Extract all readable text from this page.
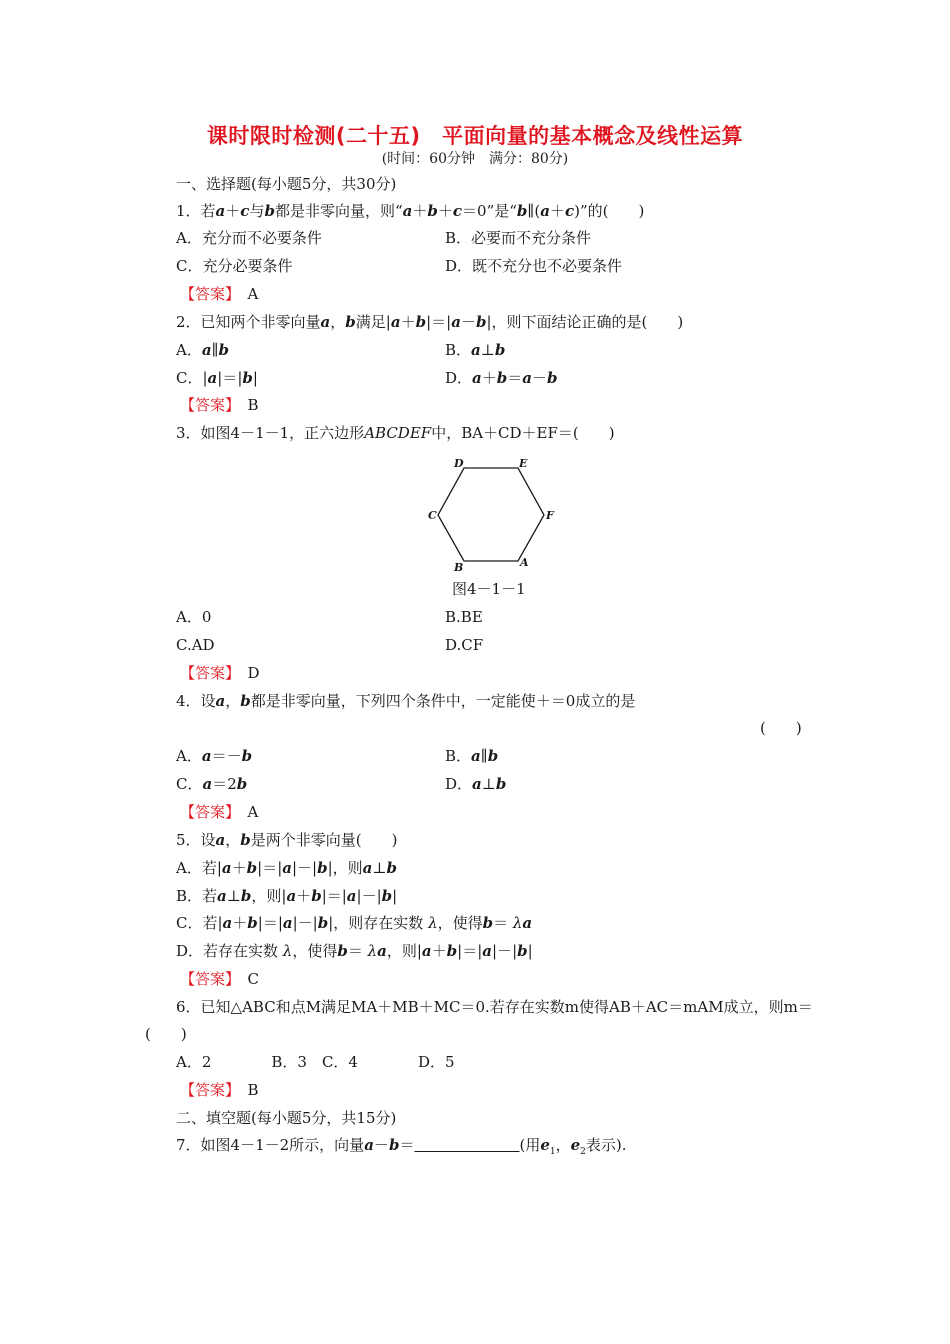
课时限时检测(二十五)　平面向量的基本概念及线性运算
(时间：60分钟　满分：80分)
一、选择题(每小题5分，共30分)
1．若a＋c与b都是非零向量，则“a＋b＋c＝0”是“b∥(a＋c)”的(　　)
A．充分而不必要条件	B．必要而不充分条件
C．充分必要条件	D．既不充分也不必要条件
【答案】　 A
2．已知两个非零向量a，b满足|a＋b|＝|a－b|，则下面结论正确的是(　　)
A．a∥b	B．a⊥b
C．|a|＝|b|	D．a＋b＝a－b
【答案】　 B
3．如图4－1－1，正六边形ABCDEF中，BA＋CD＋EF＝(　　)
D	E
C	F
B	A
图4－1－1
A．0	B.BE
C.AD	D.CF
【答案】　 D
4．设a，b都是非零向量，下列四个条件中，一定能使＋＝0成立的是
(　　)
A．a＝－b	B．a∥b
C．a＝2b	D．a⊥b
【答案】　 A
5．设a，b是两个非零向量(　　)
A．若|a＋b|＝|a|－|b|，则a⊥b
B．若a⊥b，则|a＋b|＝|a|－|b|
C．若|a＋b|＝|a|－|b|，则存在实数 λ，使得b＝ λa
D．若存在实数 λ，使得b＝ λa，则|a＋b|＝|a|－|b|
【答案】　 C
6．已知△ABC和点M满足MA＋MB＋MC＝0.若存在实数m使得AB＋AC＝mAM成立，则m＝
(　　)
A．2　　　　B．3　C．4　　　　D．5
【答案】　 B
二、填空题(每小题5分，共15分)
7．如图4－1－2所示，向量a－b＝　　　　　　　	(用$e_1$，$e_2$表示).
